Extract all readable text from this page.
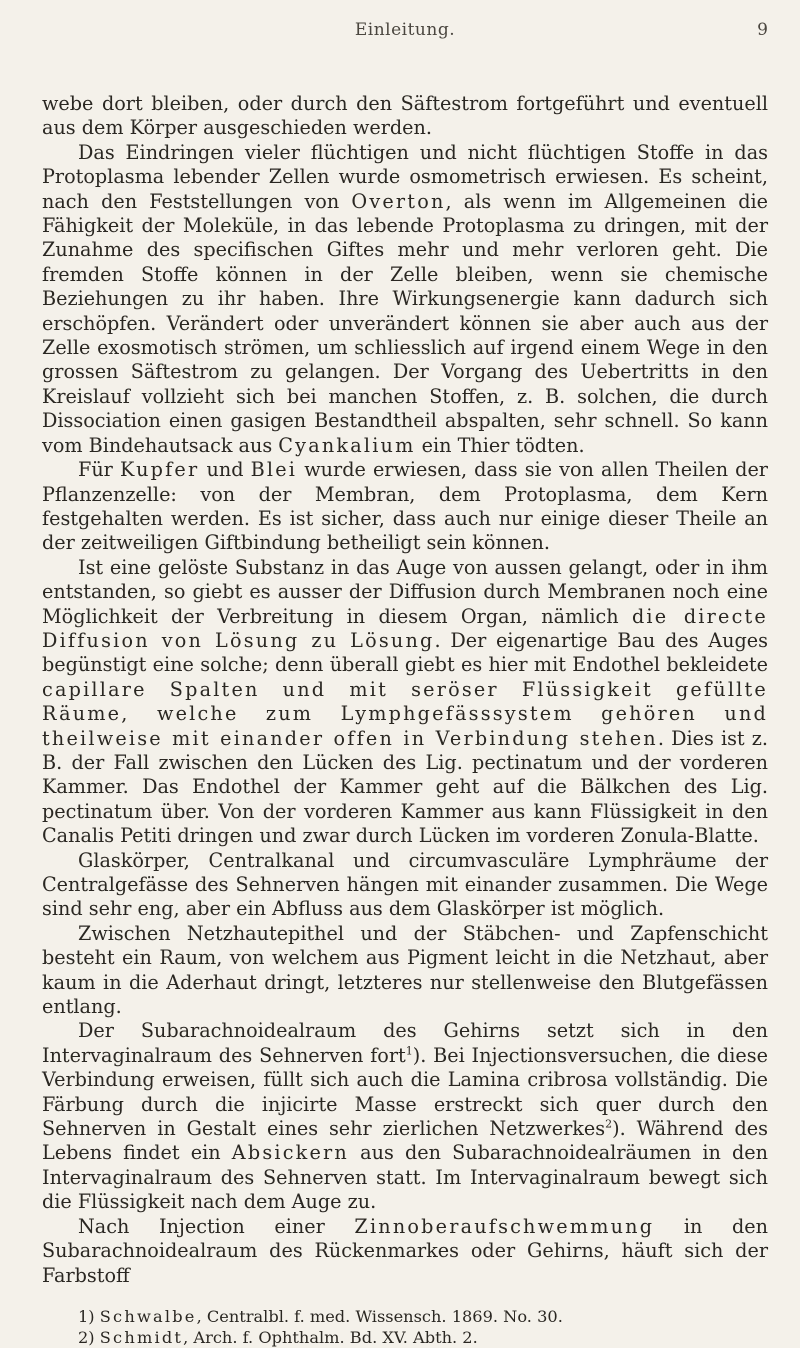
Einleitung.	9

webe dort bleiben, oder durch den Säftestrom fortgeführt und eventuell aus dem Körper ausgeschieden werden.

Das Eindringen vieler flüchtigen und nicht flüchtigen Stoffe in das Protoplasma lebender Zellen wurde osmometrisch erwiesen. Es scheint, nach den Feststellungen von Overton, als wenn im Allgemeinen die Fähigkeit der Moleküle, in das lebende Protoplasma zu dringen, mit der Zunahme des specifischen Giftes mehr und mehr verloren geht. Die fremden Stoffe können in der Zelle bleiben, wenn sie chemische Beziehungen zu ihr haben. Ihre Wirkungsenergie kann dadurch sich erschöpfen. Verändert oder unverändert können sie aber auch aus der Zelle exosmotisch strömen, um schliesslich auf irgend einem Wege in den grossen Säftestrom zu gelangen. Der Vorgang des Uebertritts in den Kreislauf vollzieht sich bei manchen Stoffen, z. B. solchen, die durch Dissociation einen gasigen Bestandtheil abspalten, sehr schnell. So kann vom Bindehautsack aus Cyankalium ein Thier tödten.

Für Kupfer und Blei wurde erwiesen, dass sie von allen Theilen der Pflanzenzelle: von der Membran, dem Protoplasma, dem Kern festgehalten werden. Es ist sicher, dass auch nur einige dieser Theile an der zeitweiligen Giftbindung betheiligt sein können.

Ist eine gelöste Substanz in das Auge von aussen gelangt, oder in ihm entstanden, so giebt es ausser der Diffusion durch Membranen noch eine Möglichkeit der Verbreitung in diesem Organ, nämlich die directe Diffusion von Lösung zu Lösung. Der eigenartige Bau des Auges begünstigt eine solche; denn überall giebt es hier mit Endothel bekleidete capillare Spalten und mit seröser Flüssigkeit gefüllte Räume, welche zum Lymphgefässsystem gehören und theilweise mit einander offen in Verbindung stehen. Dies ist z. B. der Fall zwischen den Lücken des Lig. pectinatum und der vorderen Kammer. Das Endothel der Kammer geht auf die Bälkchen des Lig. pectinatum über. Von der vorderen Kammer aus kann Flüssigkeit in den Canalis Petiti dringen und zwar durch Lücken im vorderen Zonula-Blatte.

Glaskörper, Centralkanal und circumvasculäre Lymphräume der Centralgefässe des Sehnerven hängen mit einander zusammen. Die Wege sind sehr eng, aber ein Abfluss aus dem Glaskörper ist möglich.

Zwischen Netzhautepithel und der Stäbchen- und Zapfenschicht besteht ein Raum, von welchem aus Pigment leicht in die Netzhaut, aber kaum in die Aderhaut dringt, letzteres nur stellenweise den Blutgefässen entlang.

Der Subarachnoidealraum des Gehirns setzt sich in den Intervaginalraum des Sehnerven fort$^1$). Bei Injectionsversuchen, die diese Verbindung erweisen, füllt sich auch die Lamina cribrosa vollständig. Die Färbung durch die injicirte Masse erstreckt sich quer durch den Sehnerven in Gestalt eines sehr zierlichen Netzwerkes$^2$). Während des Lebens findet ein Absickern aus den Subarachnoidealräumen in den Intervaginalraum des Sehnerven statt. Im Intervaginalraum bewegt sich die Flüssigkeit nach dem Auge zu.

Nach Injection einer Zinnoberaufschwemmung in den Subarachnoidealraum des Rückenmarkes oder Gehirns, häuft sich der Farbstoff

1) Schwalbe, Centralbl. f. med. Wissensch. 1869. No. 30.
2) Schmidt, Arch. f. Ophthalm. Bd. XV. Abth. 2.
